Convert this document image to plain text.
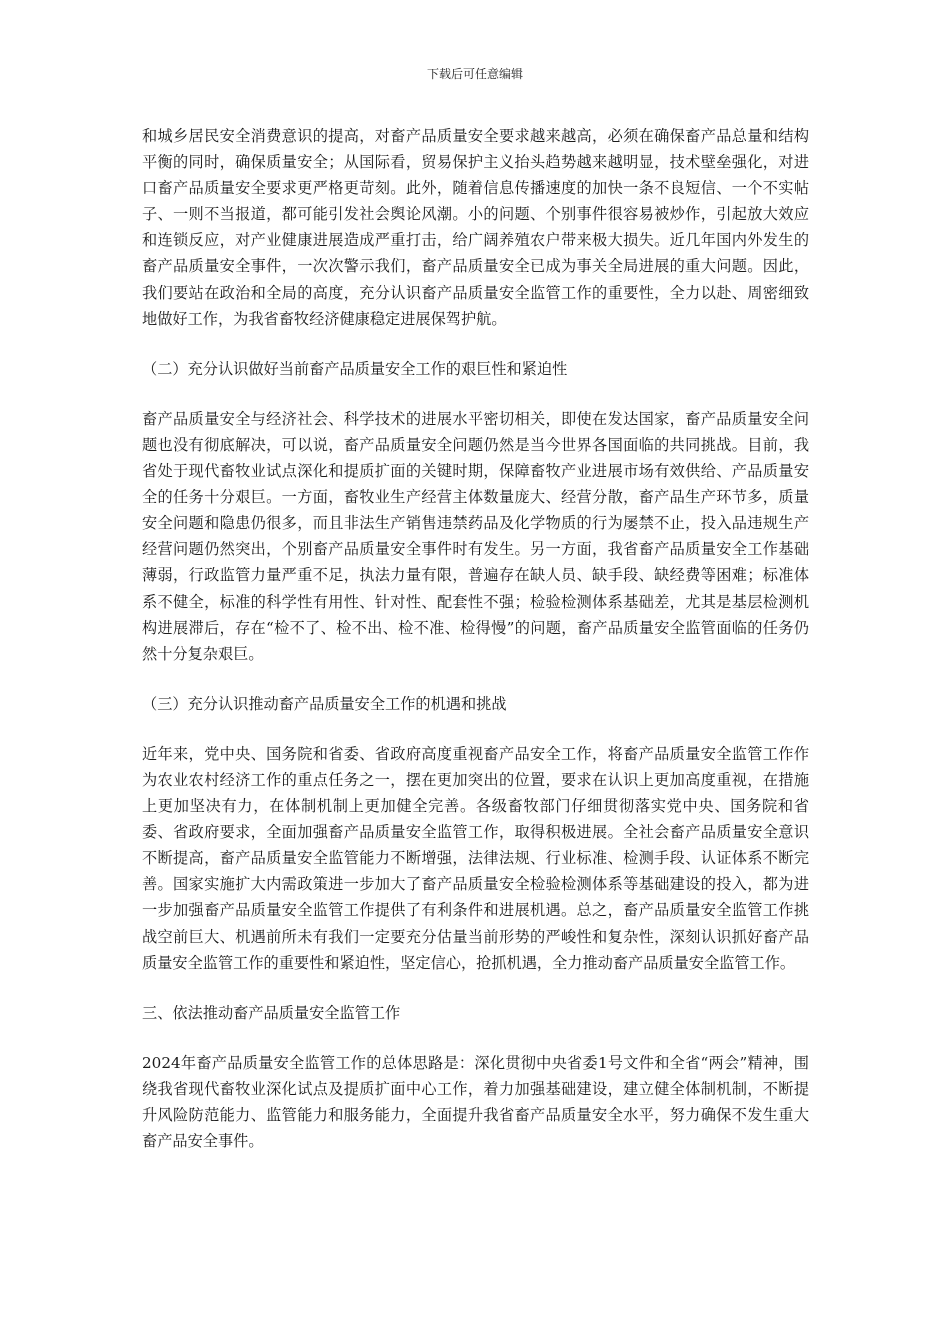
下载后可任意编辑

和城乡居民安全消费意识的提高，对畜产品质量安全要求越来越高，必须在确保畜产品总量和结构平衡的同时，确保质量安全；从国际看，贸易保护主义抬头趋势越来越明显，技术壁垒强化，对进口畜产品质量安全要求更严格更苛刻。此外，随着信息传播速度的加快一条不良短信、一个不实帖子、一则不当报道，都可能引发社会舆论风潮。小的问题、个别事件很容易被炒作，引起放大效应和连锁反应，对产业健康进展造成严重打击，给广阔养殖农户带来极大损失。近几年国内外发生的畜产品质量安全事件，一次次警示我们，畜产品质量安全已成为事关全局进展的重大问题。因此，我们要站在政治和全局的高度，充分认识畜产品质量安全监管工作的重要性，全力以赴、周密细致地做好工作，为我省畜牧经济健康稳定进展保驾护航。

（二）充分认识做好当前畜产品质量安全工作的艰巨性和紧迫性

畜产品质量安全与经济社会、科学技术的进展水平密切相关，即使在发达国家，畜产品质量安全问题也没有彻底解决，可以说，畜产品质量安全问题仍然是当今世界各国面临的共同挑战。目前，我省处于现代畜牧业试点深化和提质扩面的关键时期，保障畜牧产业进展市场有效供给、产品质量安全的任务十分艰巨。一方面，畜牧业生产经营主体数量庞大、经营分散，畜产品生产环节多，质量安全问题和隐患仍很多，而且非法生产销售违禁药品及化学物质的行为屡禁不止，投入品违规生产经营问题仍然突出，个别畜产品质量安全事件时有发生。另一方面，我省畜产品质量安全工作基础薄弱，行政监管力量严重不足，执法力量有限，普遍存在缺人员、缺手段、缺经费等困难；标准体系不健全，标准的科学性有用性、针对性、配套性不强；检验检测体系基础差，尤其是基层检测机构进展滞后，存在“检不了、检不出、检不准、检得慢”的问题，畜产品质量安全监管面临的任务仍然十分复杂艰巨。

（三）充分认识推动畜产品质量安全工作的机遇和挑战

近年来，党中央、国务院和省委、省政府高度重视畜产品安全工作，将畜产品质量安全监管工作作为农业农村经济工作的重点任务之一，摆在更加突出的位置，要求在认识上更加高度重视，在措施上更加坚决有力，在体制机制上更加健全完善。各级畜牧部门仔细贯彻落实党中央、国务院和省委、省政府要求，全面加强畜产品质量安全监管工作，取得积极进展。全社会畜产品质量安全意识不断提高，畜产品质量安全监管能力不断增强，法律法规、行业标准、检测手段、认证体系不断完善。国家实施扩大内需政策进一步加大了畜产品质量安全检验检测体系等基础建设的投入，都为进一步加强畜产品质量安全监管工作提供了有利条件和进展机遇。总之，畜产品质量安全监管工作挑战空前巨大、机遇前所未有我们一定要充分估量当前形势的严峻性和复杂性，深刻认识抓好畜产品质量安全监管工作的重要性和紧迫性，坚定信心，抢抓机遇，全力推动畜产品质量安全监管工作。

三、依法推动畜产品质量安全监管工作

2024年畜产品质量安全监管工作的总体思路是：深化贯彻中央省委1号文件和全省“两会”精神，围绕我省现代畜牧业深化试点及提质扩面中心工作，着力加强基础建设，建立健全体制机制，不断提升风险防范能力、监管能力和服务能力，全面提升我省畜产品质量安全水平，努力确保不发生重大畜产品安全事件。
